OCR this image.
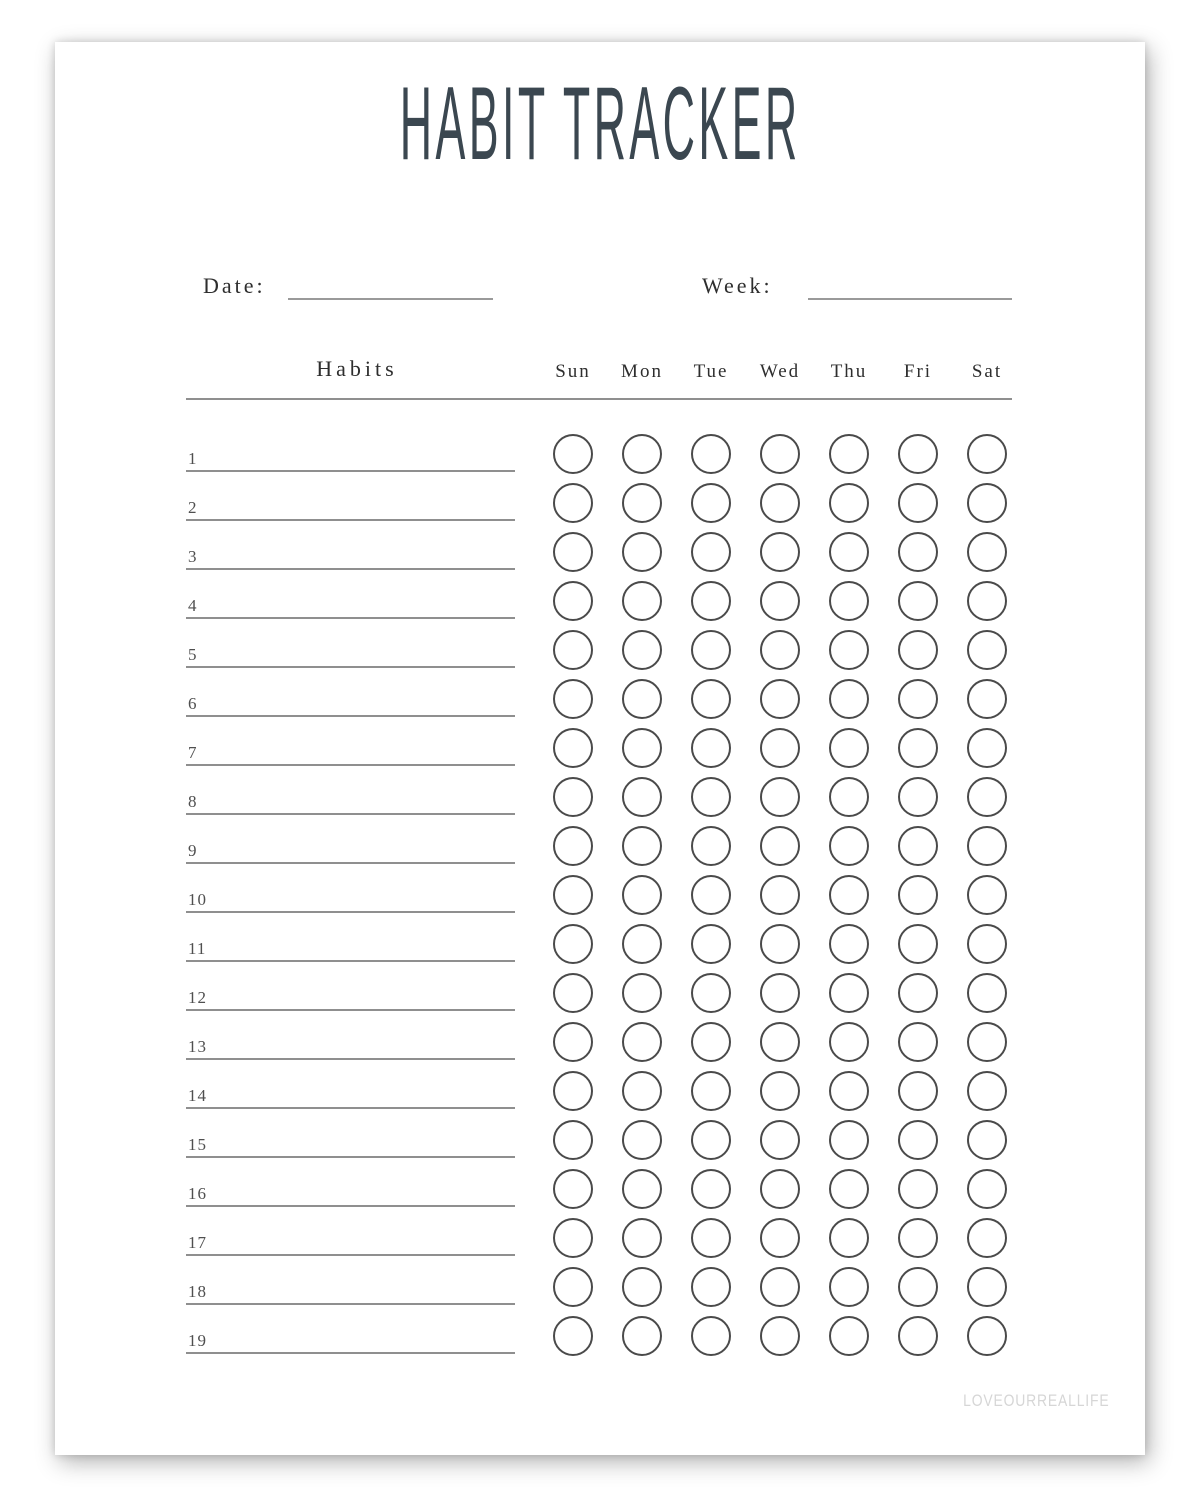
HABIT TRACKER
Date:	Week:
Habits	Sun	Mon	Tue	Wed	Thu	Fri	Sat
1
2
3
4
5
6
7
8
9
10
11
12
13
14
15
16
17
18
19
LOVEOURREALLIFE
